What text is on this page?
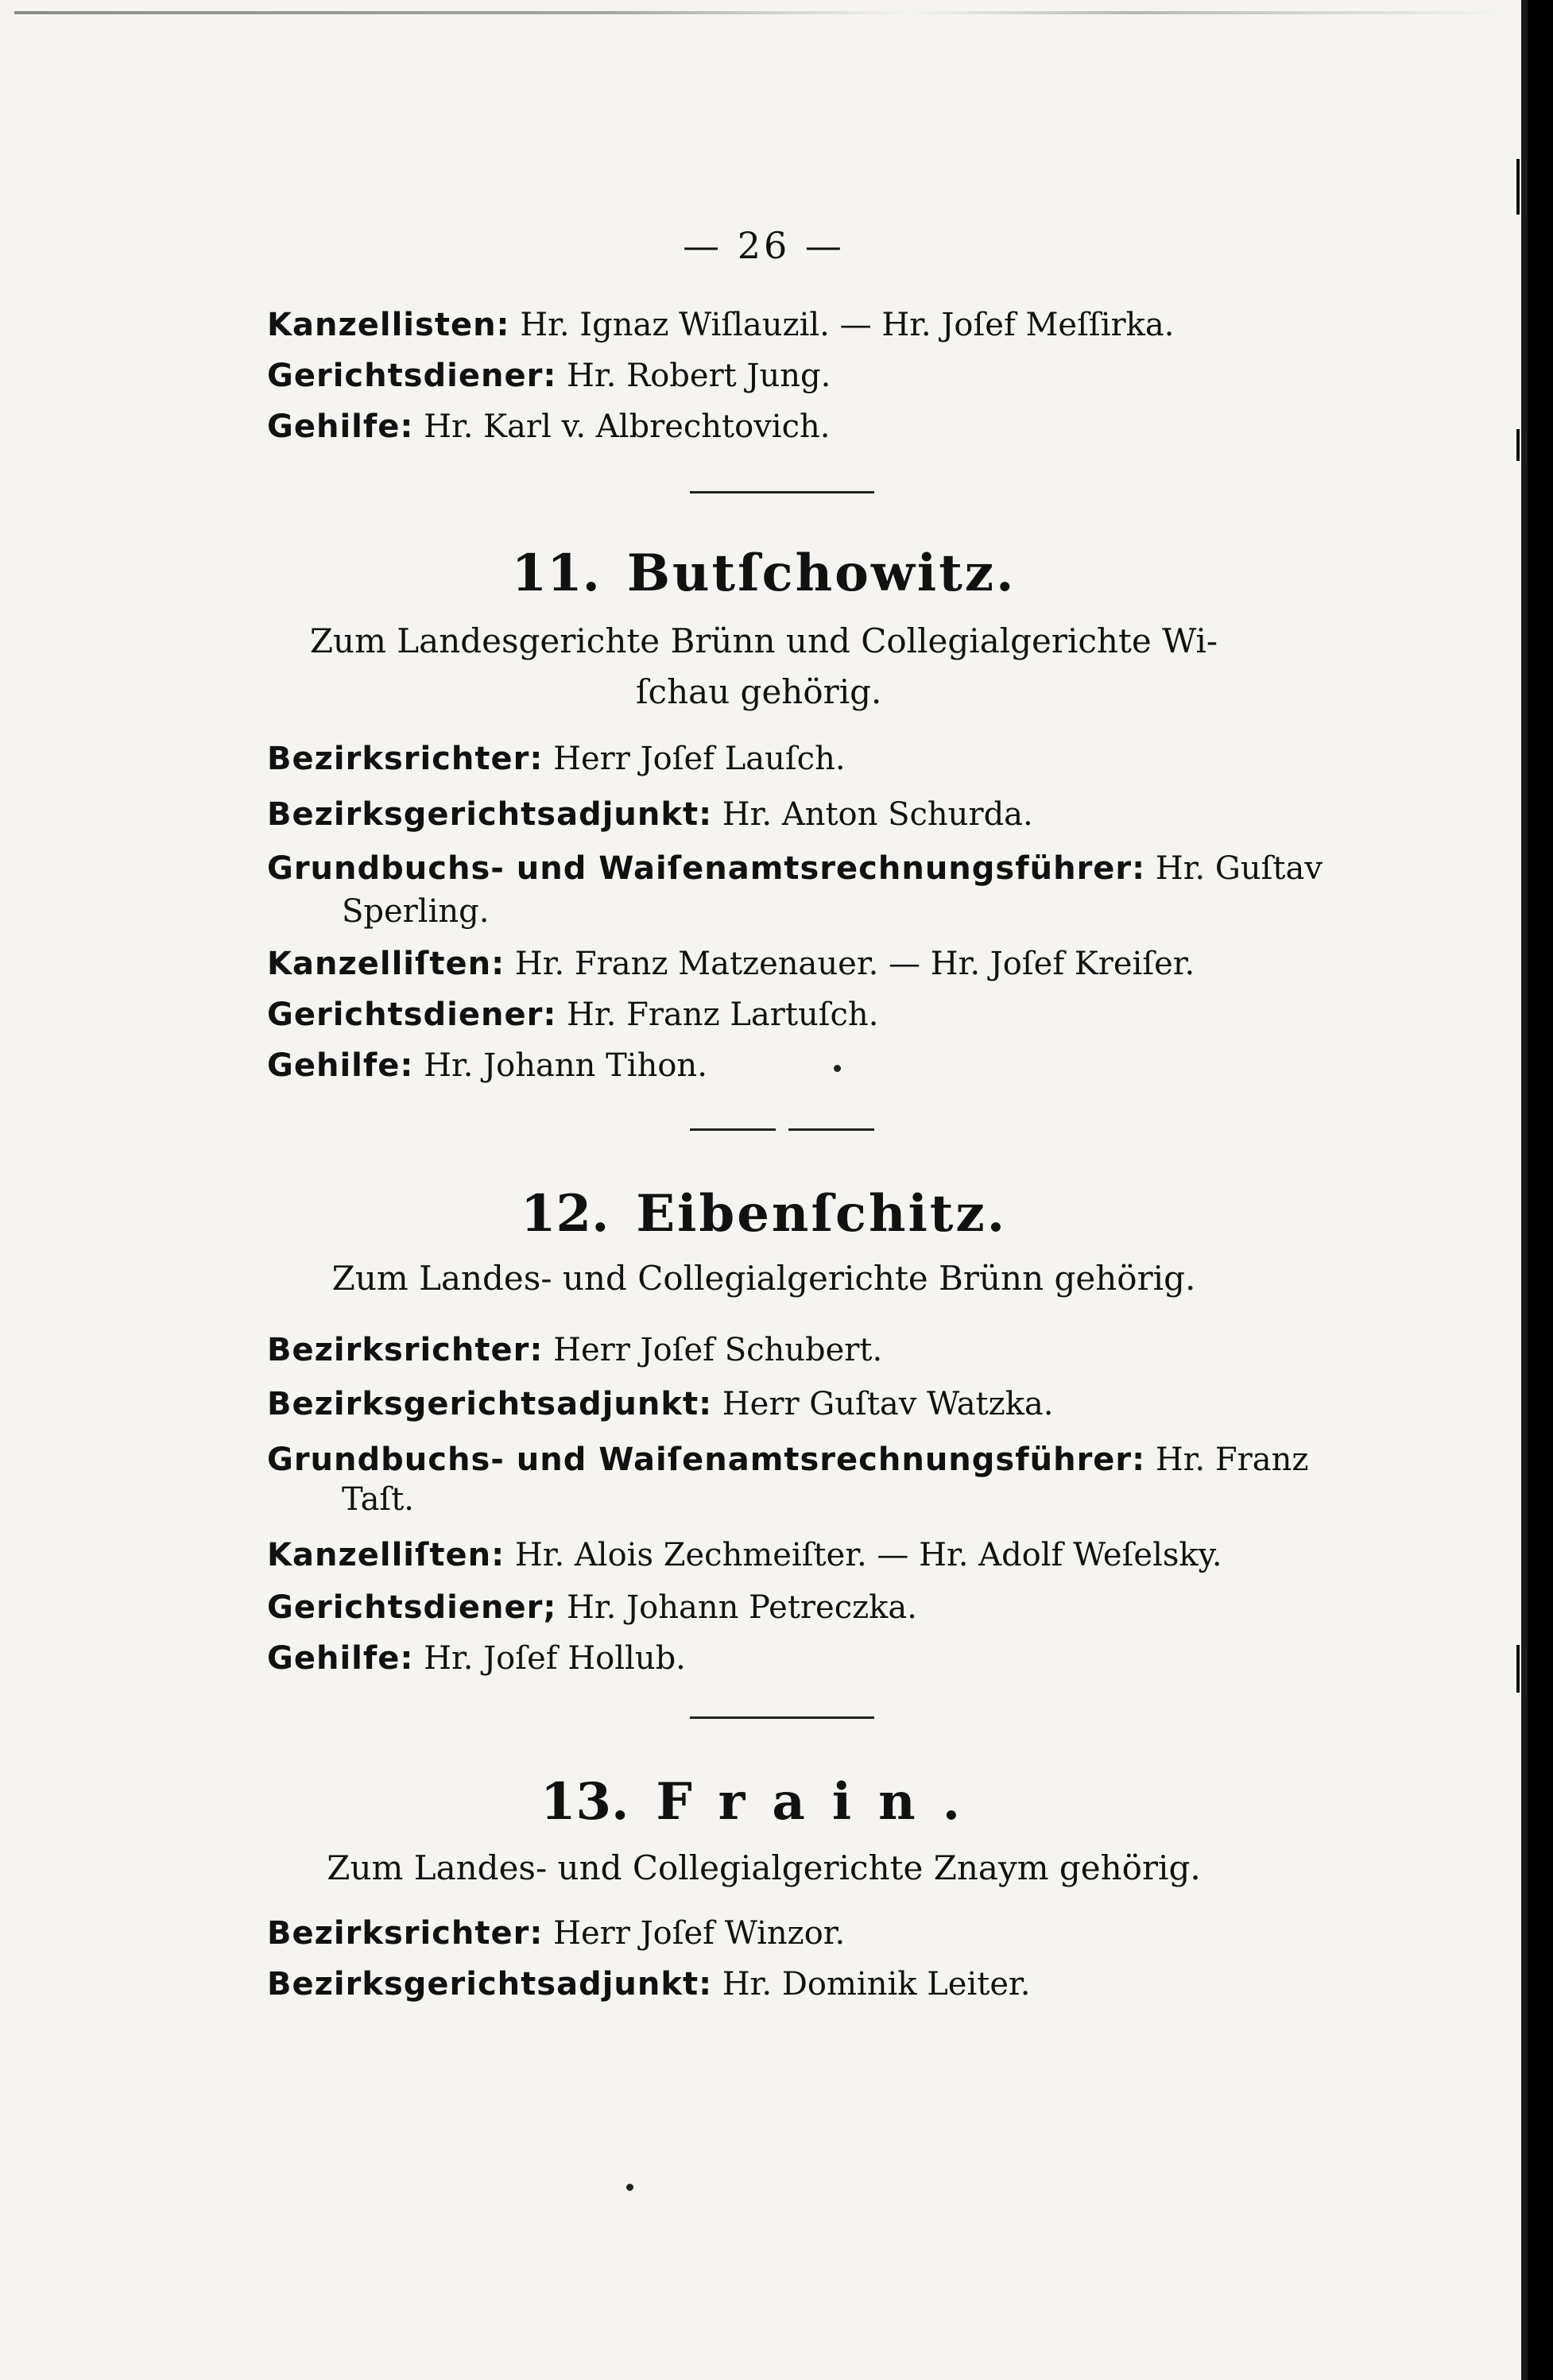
— 26 —
Kanzellisten: Hr. Ignaz Wiſlauzil. — Hr. Joſef Meſſirka.
Gerichtsdiener: Hr. Robert Jung.
Gehilfe: Hr. Karl v. Albrechtovich.
11. Butſchowitz.
Zum Landesgerichte Brünn und Collegialgerichte Wi-
ſchau gehörig.
Bezirksrichter: Herr Joſef Lauſch.
Bezirksgerichtsadjunkt: Hr. Anton Schurda.
Grundbuchs- und Waiſenamtsrechnungsführer: Hr. Guſtav
Sperling.
Kanzelliſten: Hr. Franz Matzenauer. — Hr. Joſef Kreiſer.
Gerichtsdiener: Hr. Franz Lartuſch.
Gehilfe: Hr. Johann Tihon.
12. Eibenſchitz.
Zum Landes- und Collegialgerichte Brünn gehörig.
Bezirksrichter: Herr Joſef Schubert.
Bezirksgerichtsadjunkt: Herr Guſtav Watzka.
Grundbuchs- und Waiſenamtsrechnungsführer: Hr. Franz
Taſt.
Kanzelliſten: Hr. Alois Zechmeiſter. — Hr. Adolf Weſelsky.
Gerichtsdiener; Hr. Johann Petreczka.
Gehilfe: Hr. Joſef Hollub.
13. Frain.
Zum Landes- und Collegialgerichte Znaym gehörig.
Bezirksrichter: Herr Joſef Winzor.
Bezirksgerichtsadjunkt: Hr. Dominik Leiter.
